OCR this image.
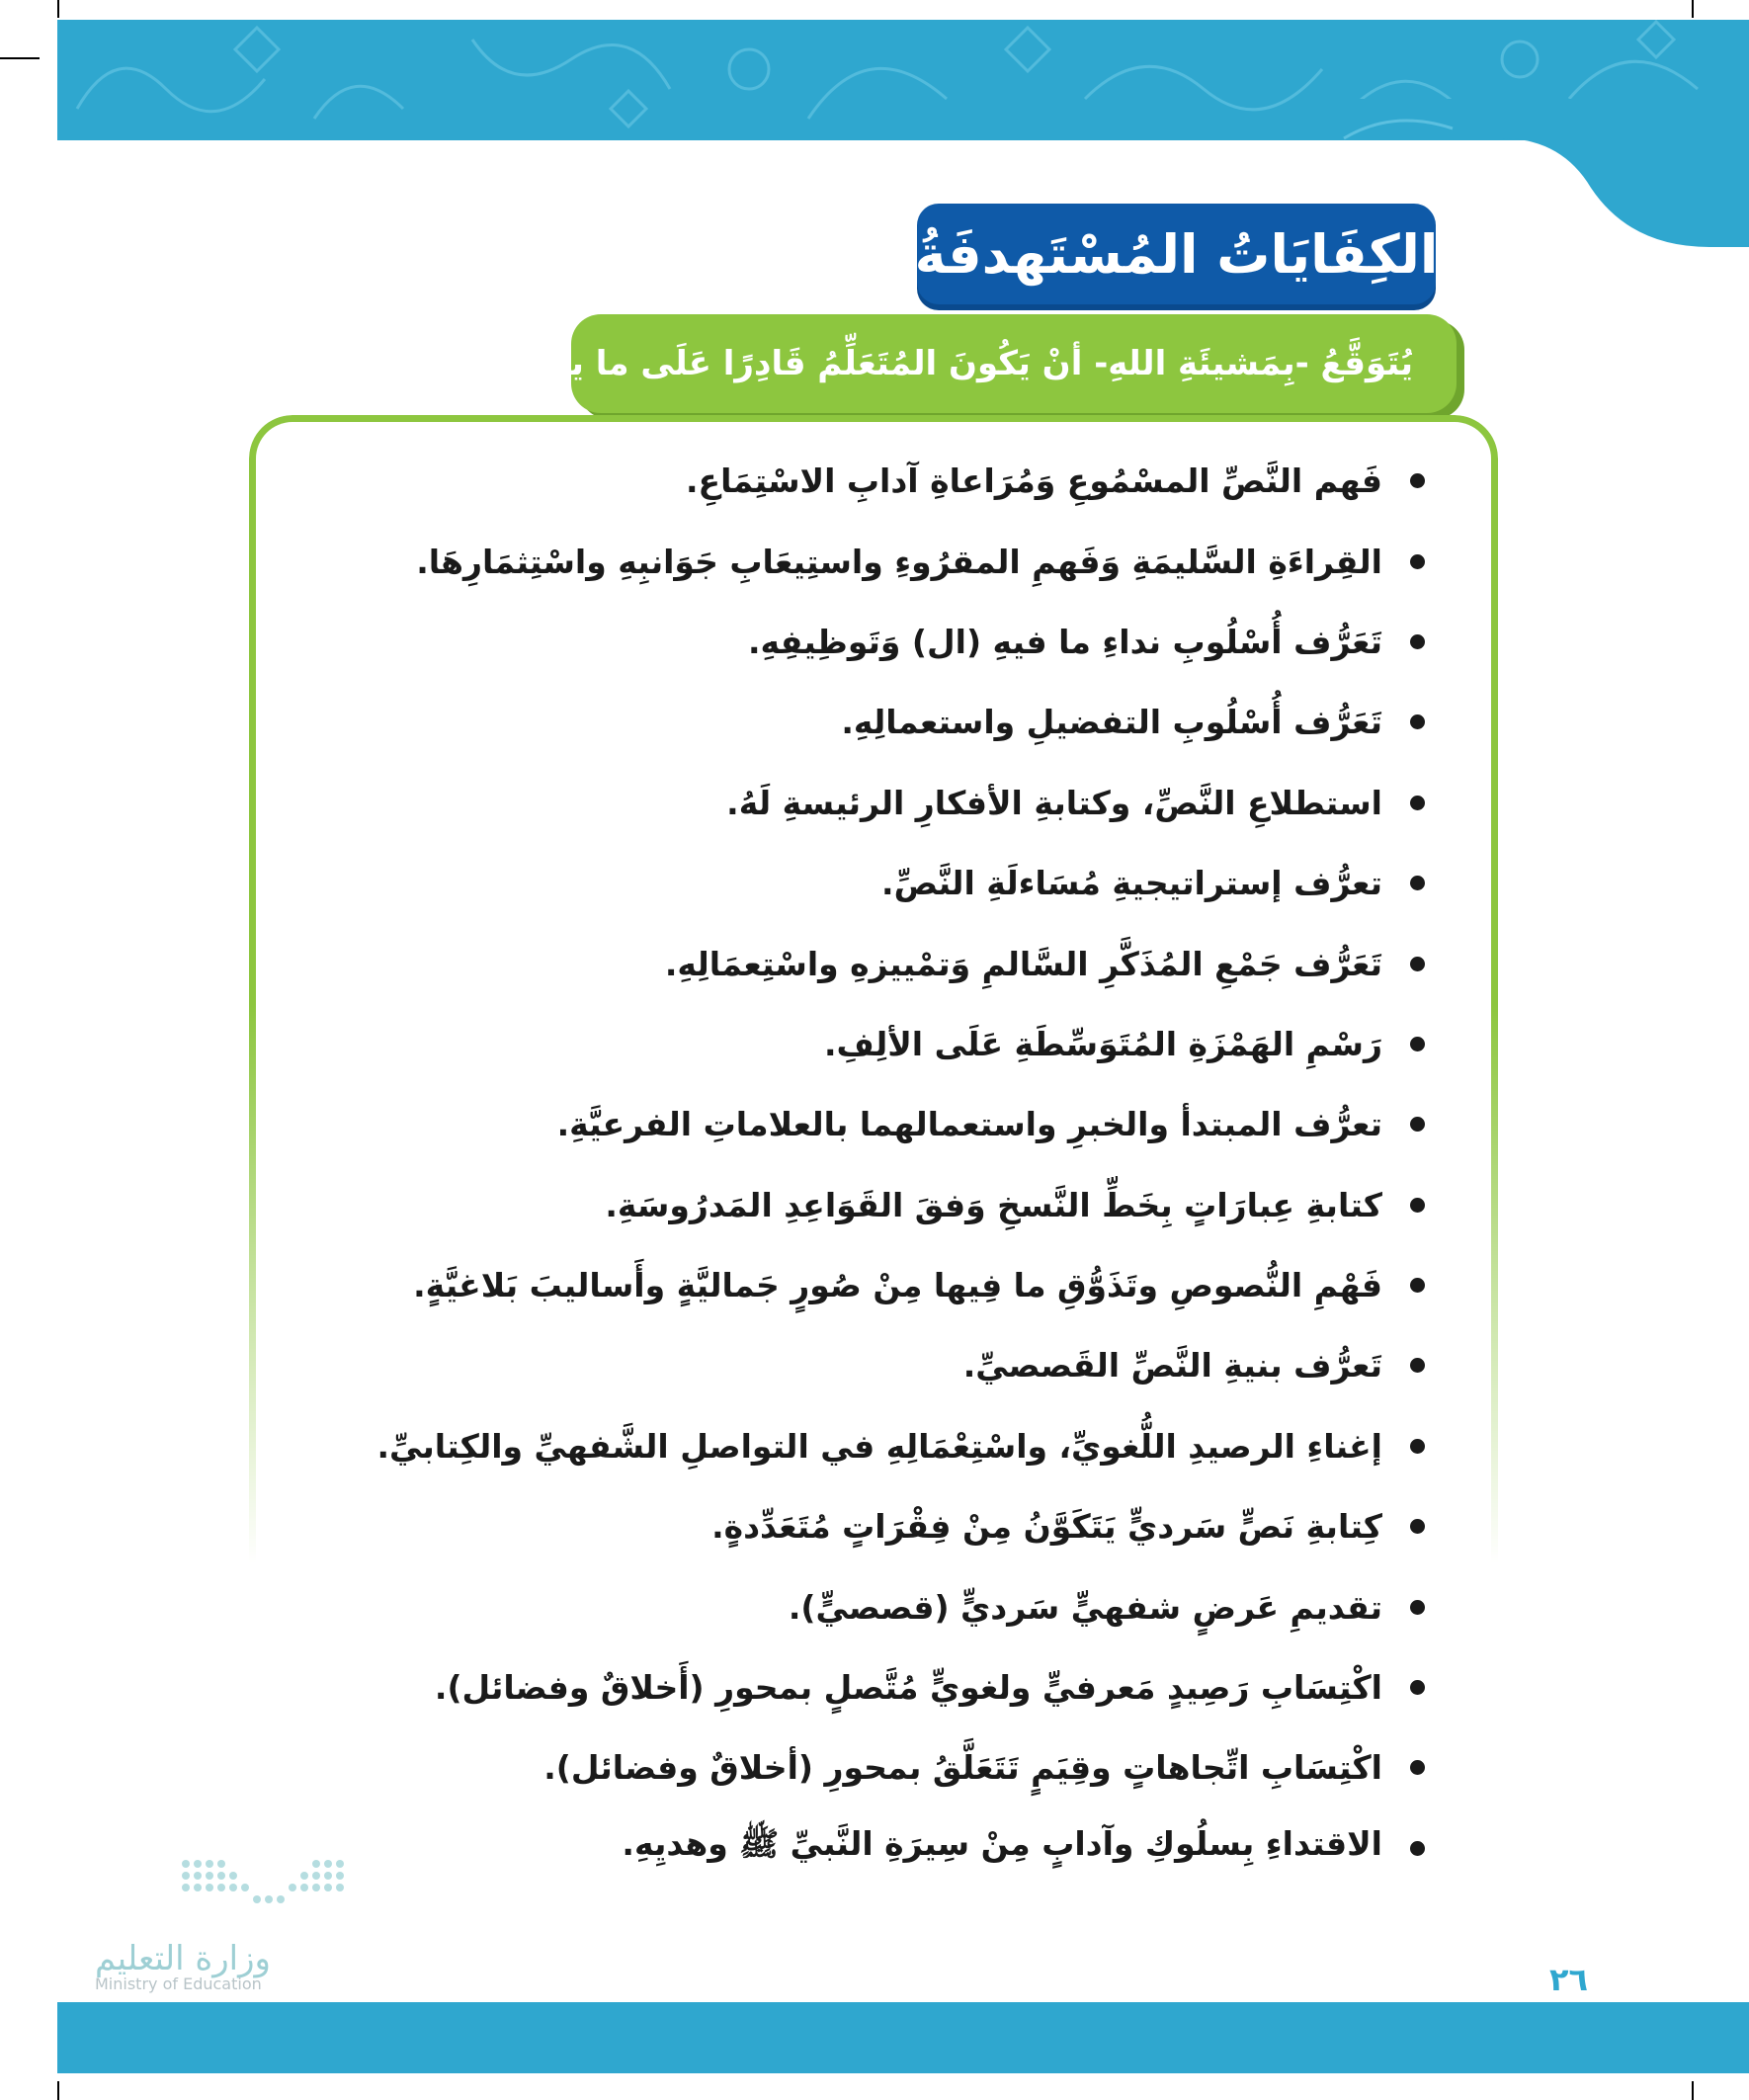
الكِفَايَاتُ المُسْتَهدفَةُ
يُتَوَقَّعُ -بِمَشيئَةِ اللهِ- أنْ يَكُونَ المُتَعَلِّمُ قَادِرًا عَلَى ما يأْتِي:
فَهم النَّصِّ المسْمُوعِ وَمُرَاعاةِ آدابِ الاسْتِمَاعِ.
القِراءَةِ السَّليمَةِ وَفَهمِ المقرُوءِ واستِيعَابِ جَوَانبِهِ واسْتِثمَارِهَا.
تَعَرُّف أُسْلُوبِ نداءِ ما فيهِ (ال) وَتَوظِيفِهِ.
تَعَرُّف أُسْلُوبِ التفضيلِ واستعمالِهِ.
استطلاعِ النَّصِّ، وكتابةِ الأفكارِ الرئيسةِ لَهُ.
تعرُّف إستراتيجيةِ مُسَاءلَةِ النَّصِّ.
تَعَرُّف جَمْعِ المُذَكَّرِ السَّالمِ وَتمْييزهِ واسْتِعمَالِهِ.
رَسْمِ الهَمْزَةِ المُتَوَسِّطَةِ عَلَى الألِفِ.
تعرُّف المبتدأ والخبرِ واستعمالهما بالعلاماتِ الفرعيَّةِ.
كتابةِ عِبارَاتٍ بِخَطِّ النَّسخِ وَفقَ القَوَاعِدِ المَدرُوسَةِ.
فَهْمِ النُّصوصِ وتَذَوُّقِ ما فِيها مِنْ صُورٍ جَماليَّةٍ وأَساليبَ بَلاغيَّةٍ.
تَعرُّف بنيةِ النَّصِّ القَصصيِّ.
إغناءِ الرصيدِ اللُّغويِّ، واسْتِعْمَالِهِ في التواصلِ الشَّفهيِّ والكِتابيِّ.
كِتابةِ نَصٍّ سَرديٍّ يَتَكَوَّنُ مِنْ فِقْرَاتٍ مُتَعَدِّدةٍ.
تقديمِ عَرضٍ شفهيٍّ سَرديٍّ (قصصيٍّ).
اكْتِسَابِ رَصِيدٍ مَعرفيٍّ ولغويٍّ مُتَّصلٍ بمحورِ (أَخلاقٌ وفضائل).
اكْتِسَابِ اتِّجاهاتٍ وقِيَمٍ تَتَعَلَّقُ بمحورِ (أخلاقٌ وفضائل).
الاقتداءِ بِسلُوكِ وآدابٍ مِنْ سِيرَةِ النَّبيِّ ﷺ وهديِهِ.
وزارة التعليم
Ministry of Education	٢٦
